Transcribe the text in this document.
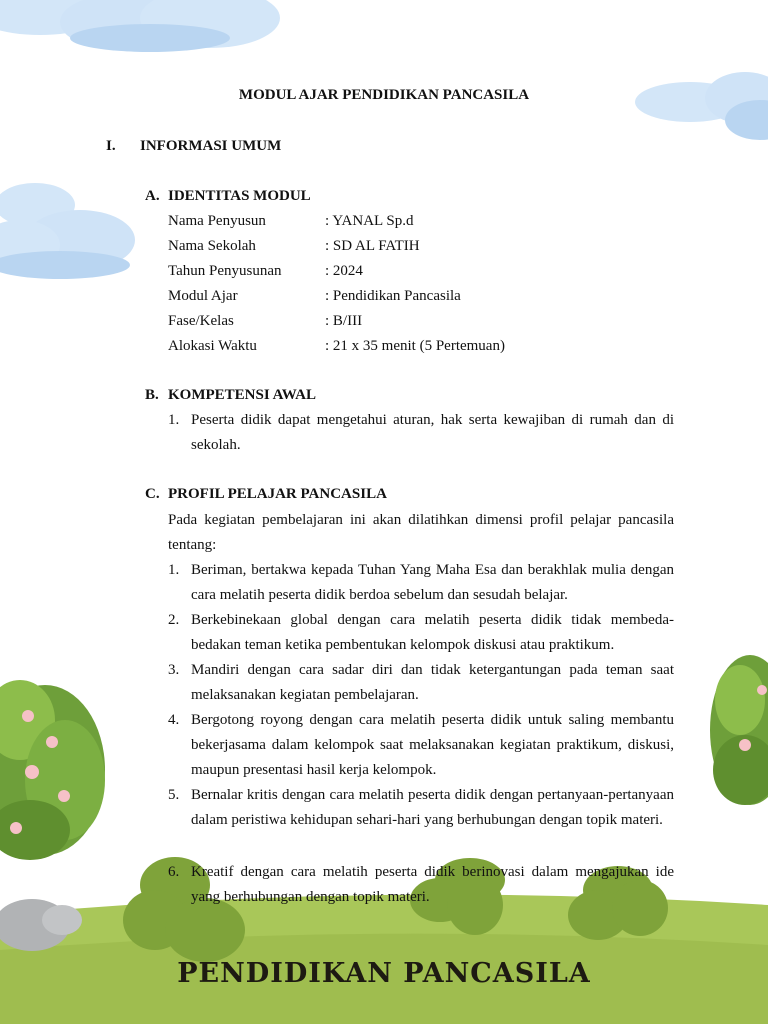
MODUL AJAR PENDIDIKAN PANCASILA
I. INFORMASI UMUM
A. IDENTITAS MODUL
Nama Penyusun	: YANAL Sp.d
Nama Sekolah	: SD AL FATIH
Tahun Penyusunan	: 2024
Modul Ajar	: Pendidikan Pancasila
Fase/Kelas	: B/III
Alokasi Waktu	: 21 x 35 menit (5 Pertemuan)
B. KOMPETENSI AWAL
1. Peserta didik dapat mengetahui aturan, hak serta kewajiban di rumah dan di sekolah.
C. PROFIL PELAJAR PANCASILA
Pada kegiatan pembelajaran ini akan dilatihkan dimensi profil pelajar pancasila tentang:
1. Beriman, bertakwa kepada Tuhan Yang Maha Esa dan berakhlak mulia dengan cara melatih peserta didik berdoa sebelum dan sesudah belajar.
2. Berkebinekaan global dengan cara melatih peserta didik tidak membeda-bedakan teman ketika pembentukan kelompok diskusi atau praktikum.
3. Mandiri dengan cara sadar diri dan tidak ketergantungan pada teman saat melaksanakan kegiatan pembelajaran.
4. Bergotong royong dengan cara melatih peserta didik untuk saling membantu bekerjasama dalam kelompok saat melaksanakan kegiatan praktikum, diskusi, maupun presentasi hasil kerja kelompok.
5. Bernalar kritis dengan cara melatih peserta didik dengan pertanyaan-pertanyaan dalam peristiwa kehidupan sehari-hari yang berhubungan dengan topik materi.
6. Kreatif dengan cara melatih peserta didik berinovasi dalam mengajukan ide yang berhubungan dengan topik materi.
PENDIDIKAN PANCASILA
